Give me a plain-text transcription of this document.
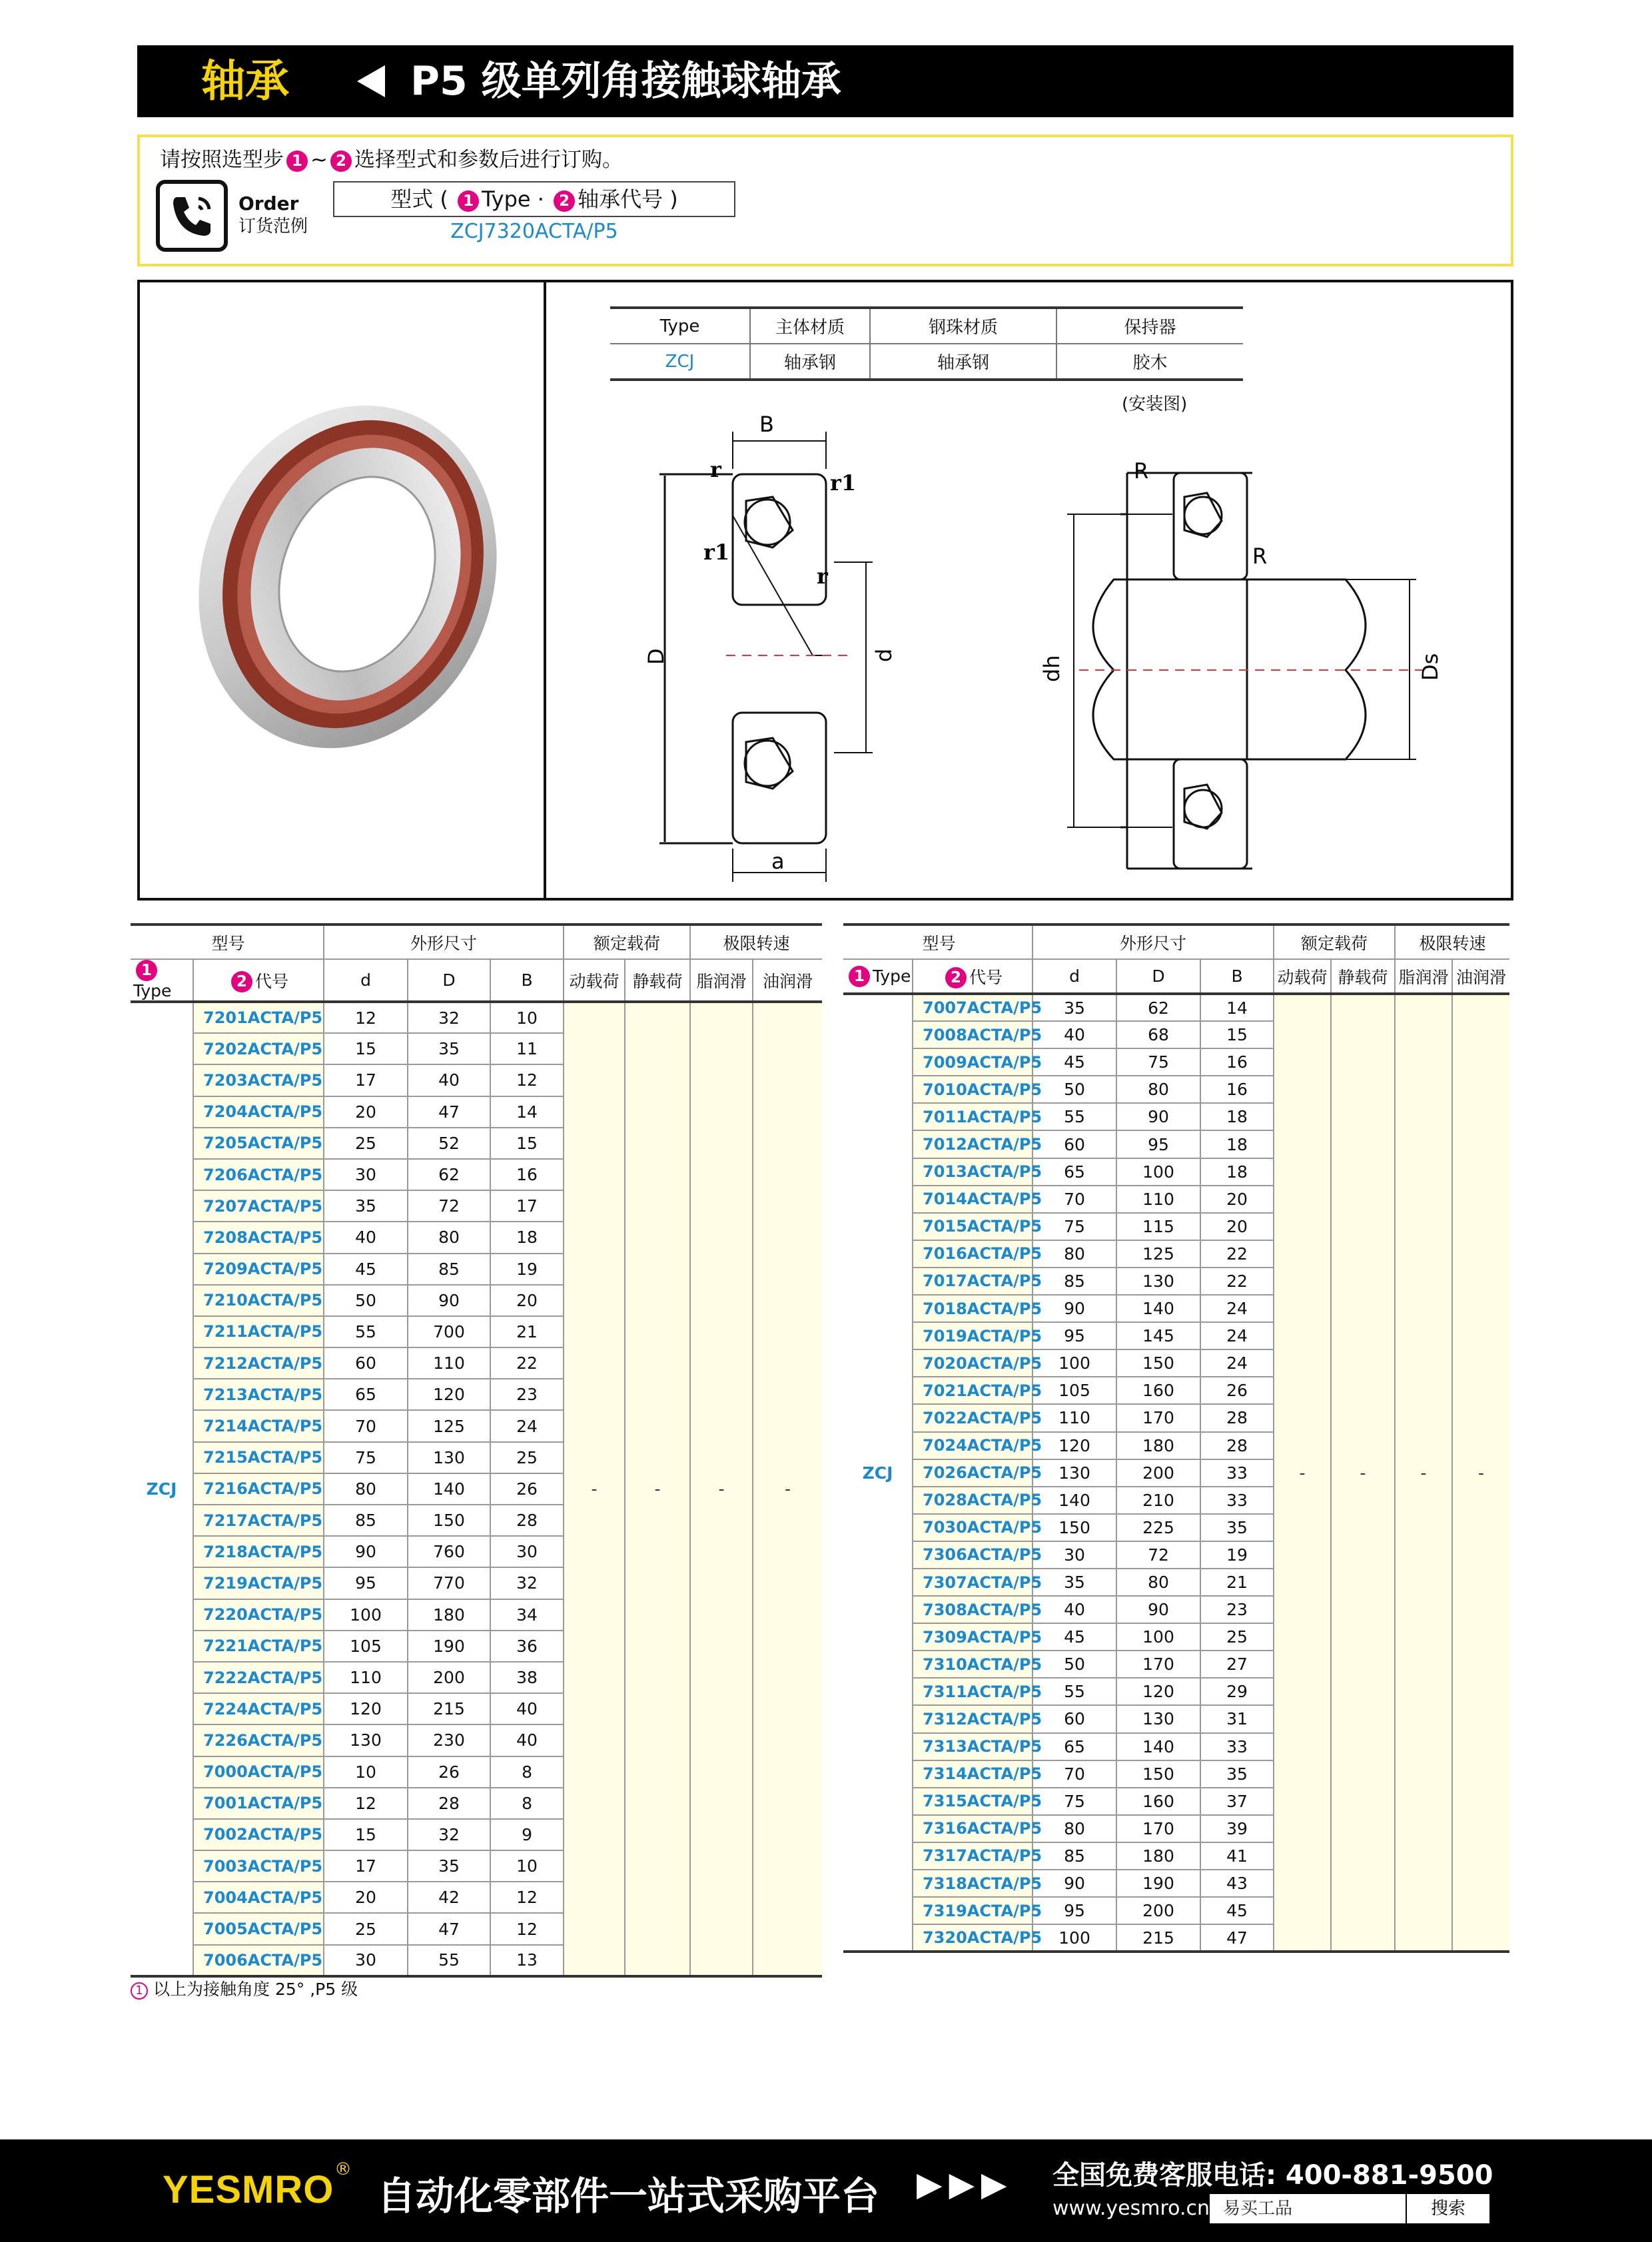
轴承	P5 级单列角接触球轴承
请按照选型步 1 ~ 2 选择型式和参数后进行订购。
Order
订货范例
型式 ( 1 Type · 2 轴承代号 )
ZCJ7320ACTA/P5
Type	主体材质	钢珠材质	保持器
ZCJ	轴承钢	轴承钢	胶木
(安装图)
B
r
r1
r1
r
D	d
a
R
R
dh	Ds
型号		外形尺寸			额定载荷		极限转速	
1Type	2 代号	d	D	B	动载荷	静载荷	脂润滑	油润滑
ZCJ	7201ACTA/P5	12	32	10	-	-	-	-
	7202ACTA/P5	15	35	11				
	7203ACTA/P5	17	40	12				
	7204ACTA/P5	20	47	14				
	7205ACTA/P5	25	52	15				
	7206ACTA/P5	30	62	16				
	7207ACTA/P5	35	72	17				
	7208ACTA/P5	40	80	18				
	7209ACTA/P5	45	85	19				
	7210ACTA/P5	50	90	20				
	7211ACTA/P5	55	700	21				
	7212ACTA/P5	60	110	22				
	7213ACTA/P5	65	120	23				
	7214ACTA/P5	70	125	24				
	7215ACTA/P5	75	130	25				
	7216ACTA/P5	80	140	26				
	7217ACTA/P5	85	150	28				
	7218ACTA/P5	90	760	30				
	7219ACTA/P5	95	770	32				
	7220ACTA/P5	100	180	34				
	7221ACTA/P5	105	190	36				
	7222ACTA/P5	110	200	38				
	7224ACTA/P5	120	215	40				
	7226ACTA/P5	130	230	40				
	7000ACTA/P5	10	26	8				
	7001ACTA/P5	12	28	8				
	7002ACTA/P5	15	32	9				
	7003ACTA/P5	17	35	10				
	7004ACTA/P5	20	42	12				
	7005ACTA/P5	25	47	12				
	7006ACTA/P5	30	55	13				
型号		外形尺寸			额定载荷		极限转速	
1 Type	2 代号	d	D	B	动载荷	静载荷	脂润滑	油润滑
ZCJ	7007ACTA/P5	35	62	14	-	-	-	-
	7008ACTA/P5	40	68	15				
	7009ACTA/P5	45	75	16				
	7010ACTA/P5	50	80	16				
	7011ACTA/P5	55	90	18				
	7012ACTA/P5	60	95	18				
	7013ACTA/P5	65	100	18				
	7014ACTA/P5	70	110	20				
	7015ACTA/P5	75	115	20				
	7016ACTA/P5	80	125	22				
	7017ACTA/P5	85	130	22				
	7018ACTA/P5	90	140	24				
	7019ACTA/P5	95	145	24				
	7020ACTA/P5	100	150	24				
	7021ACTA/P5	105	160	26				
	7022ACTA/P5	110	170	28				
	7024ACTA/P5	120	180	28				
	7026ACTA/P5	130	200	33				
	7028ACTA/P5	140	210	33				
	7030ACTA/P5	150	225	35				
	7306ACTA/P5	30	72	19				
	7307ACTA/P5	35	80	21				
	7308ACTA/P5	40	90	23				
	7309ACTA/P5	45	100	25				
	7310ACTA/P5	50	170	27				
	7311ACTA/P5	55	120	29				
	7312ACTA/P5	60	130	31				
	7313ACTA/P5	65	140	33				
	7314ACTA/P5	70	150	35				
	7315ACTA/P5	75	160	37				
	7316ACTA/P5	80	170	39				
	7317ACTA/P5	85	180	41				
	7318ACTA/P5	90	190	43				
	7319ACTA/P5	95	200	45				
	7320ACTA/P5	100	215	47				
1 以上为接触角度 25° ,P5 级
YESMRO ®
自动化零部件一站式采购平台 ▶▶▶ 全国免费客服电话: 400-881-9500
www.yesmro.cn 易买工品	搜索
